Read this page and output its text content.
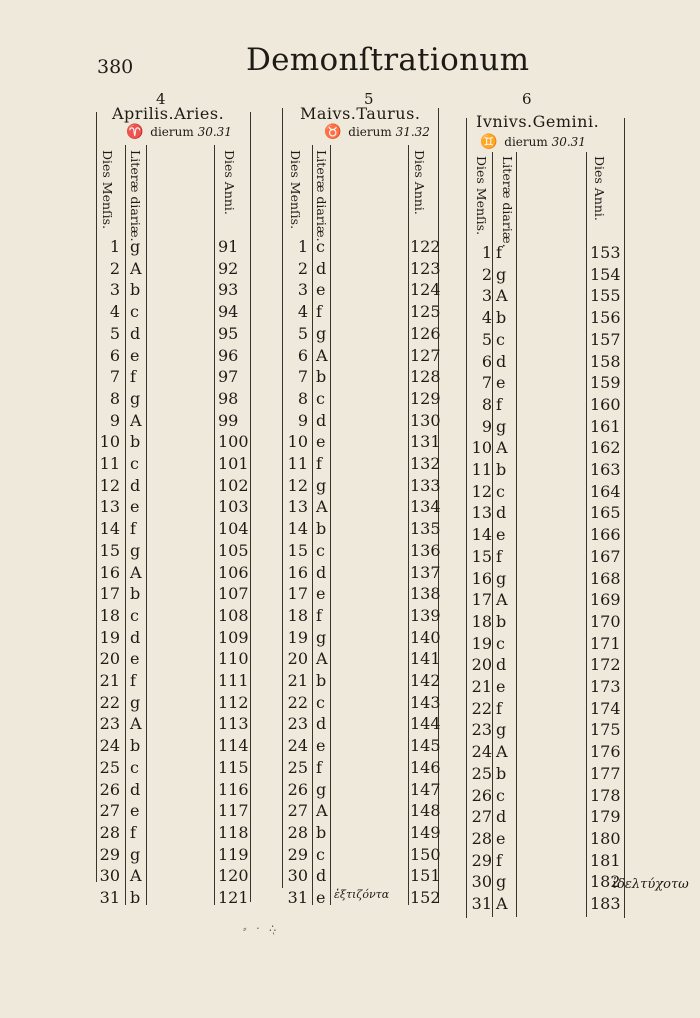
380	Demonſtrationum
4
Aprilis.Aries.
♈ dierum 30.31
Dies Menſis. Literæ diariæ.	Dies Anni.
1 g	91
2 A	92
3 b	93
4 c	94
5 d	95
6 e	96
7 f	97
8 g	98
9 A	99
10 b	100
11 c	101
12 d	102
13 e	103
14 f	104
15 g	105
16 A	106
17 b	107
18 c	108
19 d	109
20 e	110
21 f	111
22 g	112
23 A	113
24 b	114
25 c	115
26 d	116
27 e	117
28 f	118
29 g	119
30 A	120
31 b	121
5
Maivs.Taurus.
♉ dierum 31.32
Dies Menſis. Literæ diariæ.	Dies Anni.
1 c	122
2 d	123
3 e	124
4 f	125
5 g	126
6 A	127
7 b	128
8 c	129
9 d	130
10 e	131
11 f	132
12 g	133
13 A	134
14 b	135
15 c	136
16 d	137
17 e	138
18 f	139
19 g	140
20 A	141
21 b	142
22 c	143
23 d	144
24 e	145
25 f	146
26 g	147
27 A	148
28 b	149
29 c	150
30 d	151
31 e	152
ἐξτιζόντα
6
Ivnivs.Gemini.
♊ dierum 30.31
Dies Menſis. Literæ diariæ.	Dies Anni.
1 f	153
2 g	154
3 A	155
4 b	156
5 c	157
6 d	158
7 e	159
8 f	160
9 g	161
10 A	162
11 b	163
12 c	164
13 d	165
14 e	166
15 f	167
16 g	168
17 A	169
18 b	170
19 c	171
20 d	172
21 e	173
22 f	174
23 g	175
24 A	176
25 b	177
26 c	178
27 d	179
28 e	180
29 f	181
30 g	182
31 A	183
ἰδελτύχοτω
⸗ · ∴ͅ
